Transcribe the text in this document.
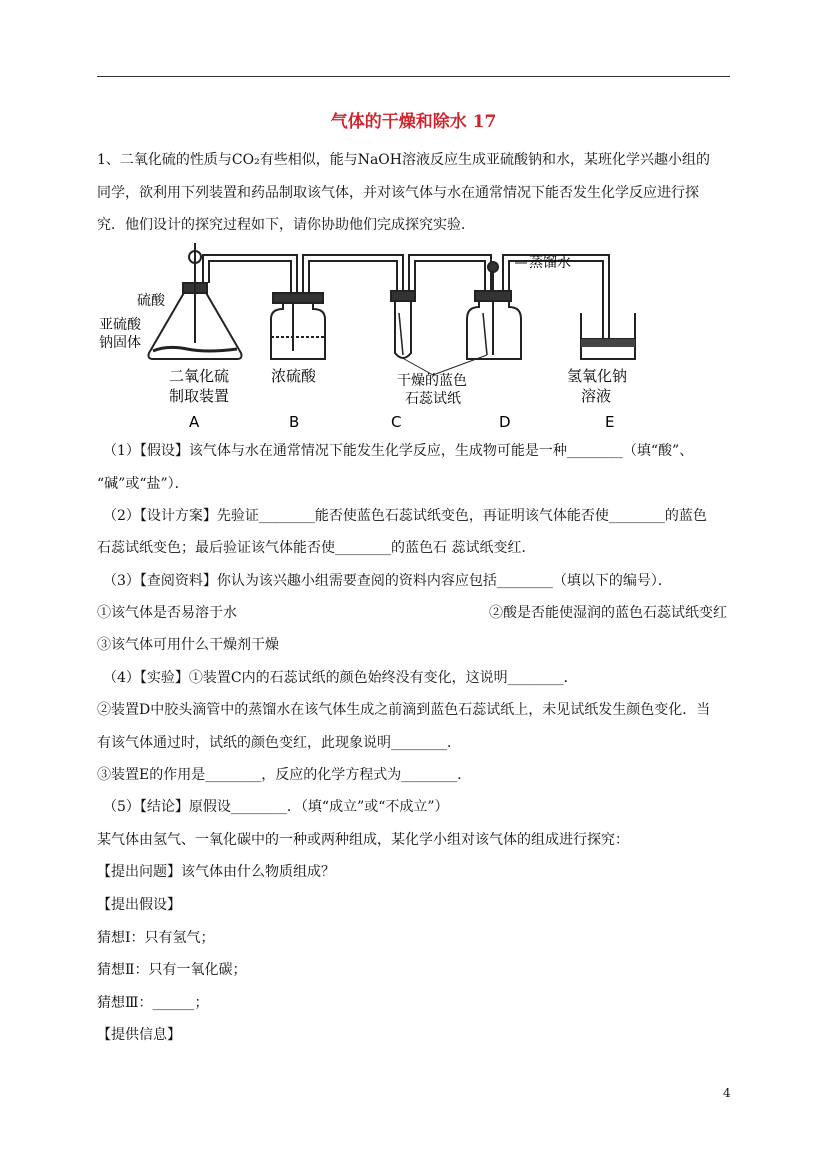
气体的干燥和除水 17
1、二氧化硫的性质与CO₂有些相似，能与NaOH溶液反应生成亚硫酸钠和水，某班化学兴趣小组的
同学，欲利用下列装置和药品制取该气体，并对该气体与水在通常情况下能否发生化学反应进行探
究．他们设计的探究过程如下，请你协助他们完成探究实验．
硫酸
亚硫酸
钠固体
二氧化硫
制取装置
浓硫酸	干燥的蓝色
石蕊试纸
蒸馏水
氢氧化钠
溶液
A	B	C	D	E
（1）【假设】该气体与水在通常情况下能发生化学反应，生成物可能是一种________（填“酸”、
“碱”或“盐”）．
（2）【设计方案】先验证________能否使蓝色石蕊试纸变色，再证明该气体能否使________的蓝色
石蕊试纸变色；最后验证该气体能否使________的蓝色石 蕊试纸变红．
（3）【查阅资料】你认为该兴趣小组需要查阅的资料内容应包括________（填以下的编号）．
①该气体是否易溶于水	②酸是否能使湿润的蓝色石蕊试纸变红
③该气体可用什么干燥剂干燥
（4）【实验】①装置C内的石蕊试纸的颜色始终没有变化，这说明________．
②装置D中胶头滴管中的蒸馏水在该气体生成之前滴到蓝色石蕊试纸上，未见试纸发生颜色变化．当
有该气体通过时，试纸的颜色变红，此现象说明________．
③装置E的作用是________，反应的化学方程式为________．
（5）【结论】原假设________．（填“成立”或“不成立”）
某气体由氢气、一氧化碳中的一种或两种组成，某化学小组对该气体的组成进行探究：
【提出问题】该气体由什么物质组成？
【提出假设】
猜想Ⅰ：只有氢气；
猜想Ⅱ：只有一氧化碳；
猜想Ⅲ：______；
【提供信息】
4
